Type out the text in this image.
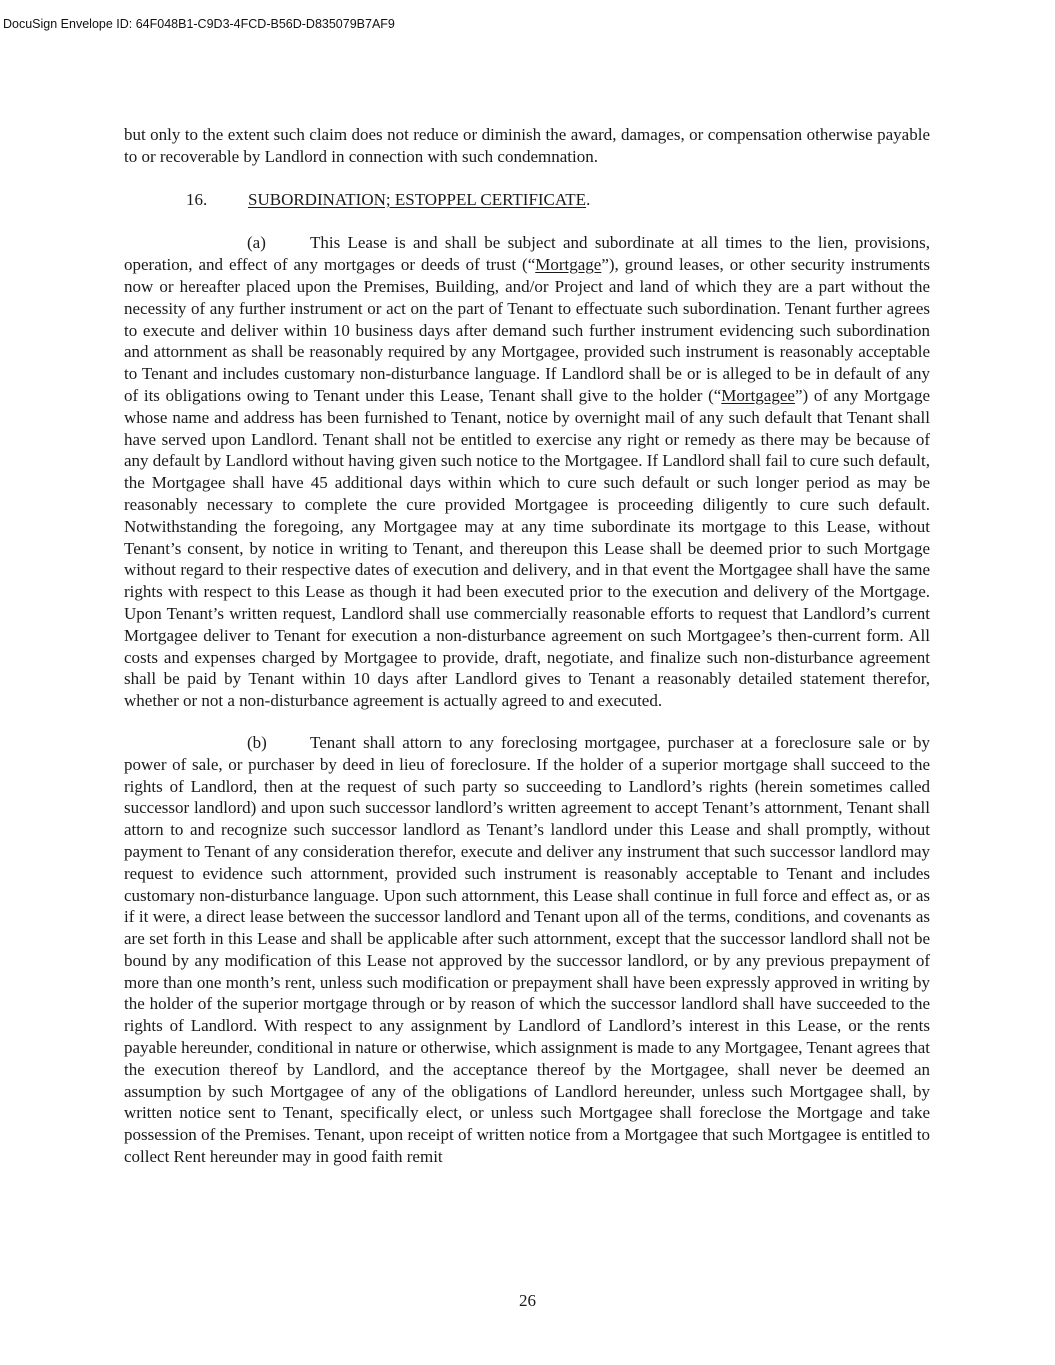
DocuSign Envelope ID: 64F048B1-C9D3-4FCD-B56D-D835079B7AF9

but only to the extent such claim does not reduce or diminish the award, damages, or compensation otherwise payable to or recoverable by Landlord in connection with such condemnation.

16. SUBORDINATION; ESTOPPEL CERTIFICATE.

(a)	This Lease is and shall be subject and subordinate at all times to the lien, provisions, operation, and effect of any mortgages or deeds of trust (“Mortgage”), ground leases, or other security instruments now or hereafter placed upon the Premises, Building, and/or Project and land of which they are a part without the necessity of any further instrument or act on the part of Tenant to effectuate such subordination. Tenant further agrees to execute and deliver within 10 business days after demand such further instrument evidencing such subordination and attornment as shall be reasonably required by any Mortgagee, provided such instrument is reasonably acceptable to Tenant and includes customary non-disturbance language. If Landlord shall be or is alleged to be in default of any of its obligations owing to Tenant under this Lease, Tenant shall give to the holder (“Mortgagee”) of any Mortgage whose name and address has been furnished to Tenant, notice by overnight mail of any such default that Tenant shall have served upon Landlord. Tenant shall not be entitled to exercise any right or remedy as there may be because of any default by Landlord without having given such notice to the Mortgagee. If Landlord shall fail to cure such default, the Mortgagee shall have 45 additional days within which to cure such default or such longer period as may be reasonably necessary to complete the cure provided Mortgagee is proceeding diligently to cure such default. Notwithstanding the foregoing, any Mortgagee may at any time subordinate its mortgage to this Lease, without Tenant’s consent, by notice in writing to Tenant, and thereupon this Lease shall be deemed prior to such Mortgage without regard to their respective dates of execution and delivery, and in that event the Mortgagee shall have the same rights with respect to this Lease as though it had been executed prior to the execution and delivery of the Mortgage. Upon Tenant’s written request, Landlord shall use commercially reasonable efforts to request that Landlord’s current Mortgagee deliver to Tenant for execution a non-disturbance agreement on such Mortgagee’s then-current form. All costs and expenses charged by Mortgagee to provide, draft, negotiate, and finalize such non-disturbance agreement shall be paid by Tenant within 10 days after Landlord gives to Tenant a reasonably detailed statement therefor, whether or not a non-disturbance agreement is actually agreed to and executed.

(b)	Tenant shall attorn to any foreclosing mortgagee, purchaser at a foreclosure sale or by power of sale, or purchaser by deed in lieu of foreclosure. If the holder of a superior mortgage shall succeed to the rights of Landlord, then at the request of such party so succeeding to Landlord’s rights (herein sometimes called successor landlord) and upon such successor landlord’s written agreement to accept Tenant’s attornment, Tenant shall attorn to and recognize such successor landlord as Tenant’s landlord under this Lease and shall promptly, without payment to Tenant of any consideration therefor, execute and deliver any instrument that such successor landlord may request to evidence such attornment, provided such instrument is reasonably acceptable to Tenant and includes customary non-disturbance language. Upon such attornment, this Lease shall continue in full force and effect as, or as if it were, a direct lease between the successor landlord and Tenant upon all of the terms, conditions, and covenants as are set forth in this Lease and shall be applicable after such attornment, except that the successor landlord shall not be bound by any modification of this Lease not approved by the successor landlord, or by any previous prepayment of more than one month’s rent, unless such modification or prepayment shall have been expressly approved in writing by the holder of the superior mortgage through or by reason of which the successor landlord shall have succeeded to the rights of Landlord. With respect to any assignment by Landlord of Landlord’s interest in this Lease, or the rents payable hereunder, conditional in nature or otherwise, which assignment is made to any Mortgagee, Tenant agrees that the execution thereof by Landlord, and the acceptance thereof by the Mortgagee, shall never be deemed an assumption by such Mortgagee of any of the obligations of Landlord hereunder, unless such Mortgagee shall, by written notice sent to Tenant, specifically elect, or unless such Mortgagee shall foreclose the Mortgage and take possession of the Premises. Tenant, upon receipt of written notice from a Mortgagee that such Mortgagee is entitled to collect Rent hereunder may in good faith remit

26
